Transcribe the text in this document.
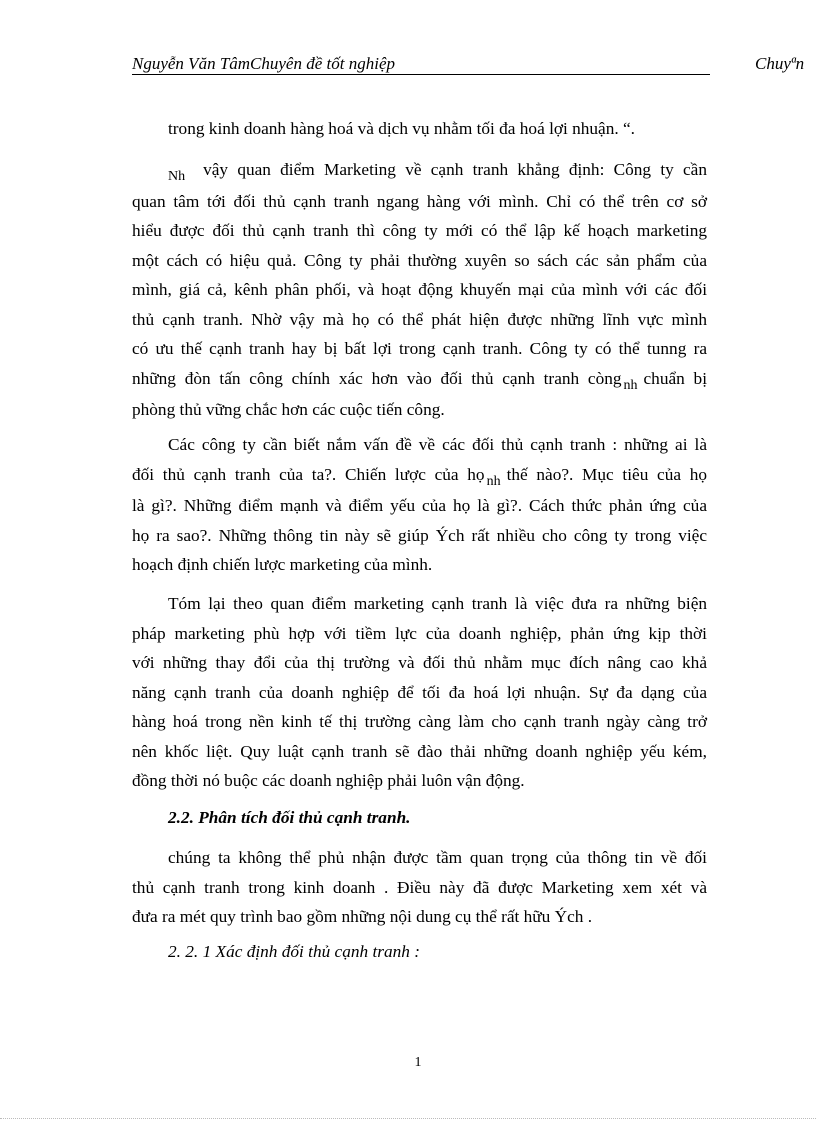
Nguyễn Văn TâmChuyên đề tốt nghiệp	Chuyªn

trong kinh doanh hàng hoá và dịch vụ nhằm tối đa hoá lợi nhuận. “.

$_{Nh}$ vậy quan điểm Marketing về cạnh tranh khẳng định: Công ty cần
quan tâm tới đối thủ cạnh tranh ngang hàng với mình. Chỉ có thể trên cơ sở
hiểu được đối thủ cạnh tranh thì công ty mới có thể lập kế hoạch marketing
một cách có hiệu quả. Công ty phải thường xuyên so sách các sản phẩm của
mình, giá cả, kênh phân phối, và hoạt động khuyến mại của mình với các đối
thủ cạnh tranh. Nhờ vậy mà họ có thể phát hiện được những lĩnh vực mình
có ưu thế cạnh tranh hay bị bất lợi trong cạnh tranh. Công ty có thể tunng ra
những đòn tấn công chính xác hơn vào đối thủ cạnh tranh còng $_{nh}$ chuẩn bị
phòng thủ vững chắc hơn các cuộc tiến công.

Các công ty cần biết nắm vấn đề về các đối thủ cạnh tranh : những ai là
đối thủ cạnh tranh của ta?. Chiến lược của họ $_{nh}$ thế nào?. Mục tiêu của họ
là gì?. Những điểm mạnh và điểm yếu của họ là gì?. Cách thức phản ứng của
họ ra sao?. Những thông tin này sẽ giúp Ých rất nhiều cho công ty trong việc
hoạch định chiến lược marketing của mình.

Tóm lại theo quan điểm marketing cạnh tranh là việc đưa ra những biện
pháp marketing phù hợp với tiềm lực của doanh nghiệp, phản ứng kịp thời
với những thay đổi của thị trường và đối thủ nhằm mục đích nâng cao khả
năng cạnh tranh của doanh nghiệp để tối đa hoá lợi nhuận. Sự đa dạng của
hàng hoá trong nền kinh tế thị trường càng làm cho cạnh tranh ngày càng trở
nên khốc liệt. Quy luật cạnh tranh sẽ đào thải những doanh nghiệp yếu kém,
đồng thời nó buộc các doanh nghiệp phải luôn vận động.

2.2. Phân tích đối thủ cạnh tranh.

chúng ta không thể phủ nhận được tầm quan trọng của thông tin về đối
thủ cạnh tranh trong kinh doanh . Điều này đã được Marketing xem xét và
đưa ra mét quy trình bao gồm những nội dung cụ thể rất hữu Ých .

2. 2. 1 Xác định đối thủ cạnh tranh :
1
